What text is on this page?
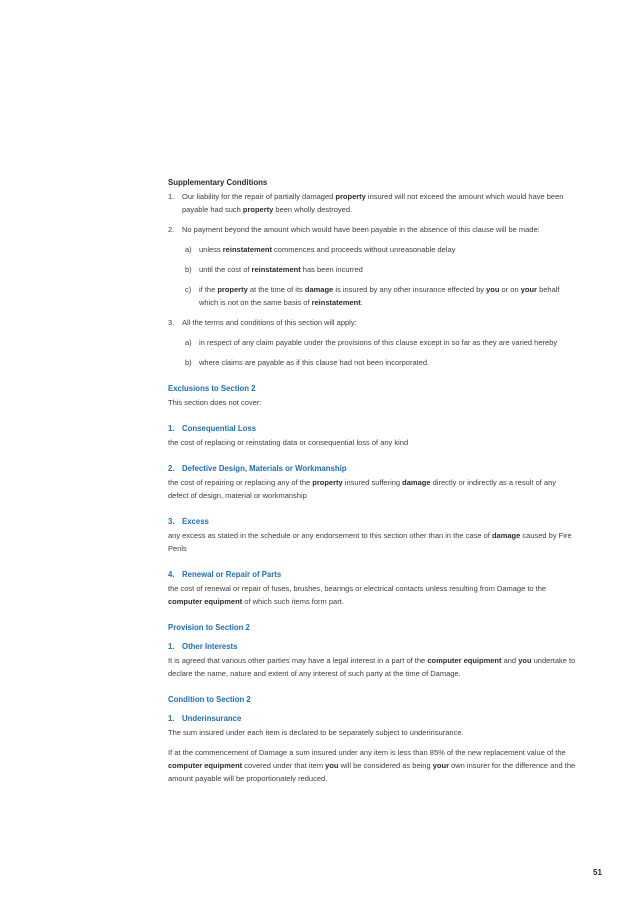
Supplementary Conditions
1.	Our liability for the repair of partially damaged property insured will not exceed the amount which would have been payable had such property been wholly destroyed.
2.	No payment beyond the amount which would have been payable in the absence of this clause will be made:
a) unless reinstatement commences and proceeds without unreasonable delay
b) until the cost of reinstatement has been incurred
c)	if the property at the time of its damage is insured by any other insurance effected by you or on your behalf which is not on the same basis of reinstatement.
3.	All the terms and conditions of this section will apply:
a) in respect of any claim payable under the provisions of this clause except in so far as they are varied hereby
b) where claims are payable as if this clause had not been incorporated.
Exclusions to Section 2
This section does not cover:
1. Consequential Loss
the cost of replacing or reinstating data or consequential loss of any kind
2. Defective Design, Materials or Workmanship
the cost of repairing or replacing any of the property insured suffering damage directly or indirectly as a result of any defect of design, material or workmanship
3. Excess
any excess as stated in the schedule or any endorsement to this section other than in the case of damage caused by Fire Perils
4. Renewal or Repair of Parts
the cost of renewal or repair of fuses, brushes, bearings or electrical contacts unless resulting from Damage to the computer equipment of which such items form part.
Provision to Section 2
1. Other Interests
It is agreed that various other parties may have a legal interest in a part of the computer equipment and you undertake to declare the name, nature and extent of any interest of such party at the time of Damage.
Condition to Section 2
1. Underinsurance
The sum insured under each item is declared to be separately subject to underinsurance.
If at the commencement of Damage a sum insured under any item is less than 85% of the new replacement value of the computer equipment covered under that item you will be considered as being your own insurer for the difference and the amount payable will be proportionately reduced.
51
